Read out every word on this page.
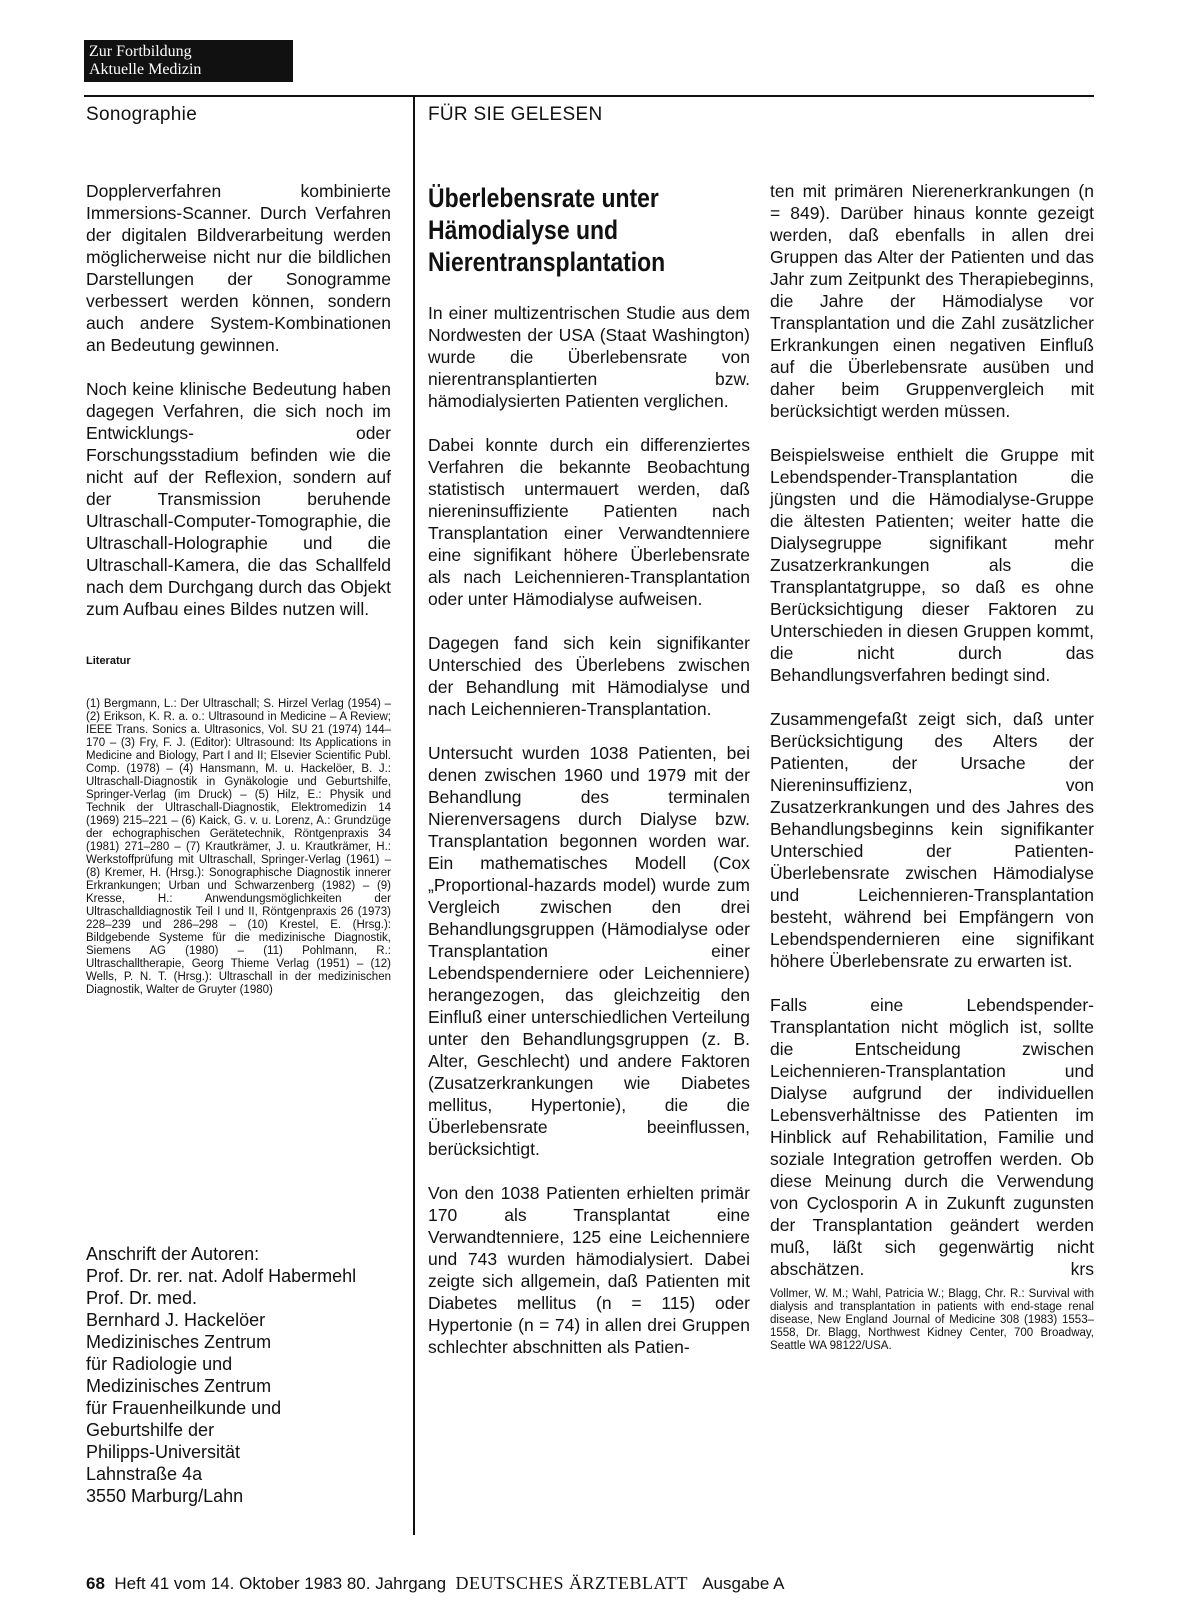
Zur Fortbildung
Aktuelle Medizin
Sonographie	FÜR SIE GELESEN

Dopplerverfahren kombinierte Immersions-Scanner. Durch Verfahren der digitalen Bildverarbeitung werden möglicherweise nicht nur die bildlichen Darstellungen der Sonogramme verbessert werden können, sondern auch andere System-Kombinationen an Bedeutung gewinnen.

Noch keine klinische Bedeutung haben dagegen Verfahren, die sich noch im Entwicklungs- oder Forschungsstadium befinden wie die nicht auf der Reflexion, sondern auf der Transmission beruhende Ultraschall-Computer-Tomographie, die Ultraschall-Holographie und die Ultraschall-Kamera, die das Schallfeld nach dem Durchgang durch das Objekt zum Aufbau eines Bildes nutzen will.

Literatur

(1) Bergmann, L.: Der Ultraschall; S. Hirzel Verlag (1954) – (2) Erikson, K. R. a. o.: Ultrasound in Medicine – A Review; IEEE Trans. Sonics a. Ultrasonics, Vol. SU 21 (1974) 144–170 – (3) Fry, F. J. (Editor): Ultrasound: Its Applications in Medicine and Biology, Part I and II; Elsevier Scientific Publ. Comp. (1978) – (4) Hansmann, M. u. Hackelöer, B. J.: Ultraschall-Diagnostik in Gynäkologie und Geburtshilfe, Springer-Verlag (im Druck) – (5) Hilz, E.: Physik und Technik der Ultraschall-Diagnostik, Elektromedizin 14 (1969) 215–221 – (6) Kaick, G. v. u. Lorenz, A.: Grundzüge der echographischen Gerätetechnik, Röntgenpraxis 34 (1981) 271–280 – (7) Krautkrämer, J. u. Krautkrämer, H.: Werkstoffprüfung mit Ultraschall, Springer-Verlag (1961) – (8) Kremer, H. (Hrsg.): Sonographische Diagnostik innerer Erkrankungen; Urban und Schwarzenberg (1982) – (9) Kresse, H.: Anwendungsmöglichkeiten der Ultraschalldiagnostik Teil I und II, Röntgenpraxis 26 (1973) 228–239 und 286–298 – (10) Krestel, E. (Hrsg.): Bildgebende Systeme für die medizinische Diagnostik, Siemens AG (1980) – (11) Pohlmann, R.: Ultraschalltherapie, Georg Thieme Verlag (1951) – (12) Wells, P. N. T. (Hrsg.): Ultraschall in der medizinischen Diagnostik, Walter de Gruyter (1980)

Anschrift der Autoren:
Prof. Dr. rer. nat. Adolf Habermehl
Prof. Dr. med.
Bernhard J. Hackelöer
Medizinisches Zentrum
für Radiologie und
Medizinisches Zentrum
für Frauenheilkunde und
Geburtshilfe der
Philipps-Universität
Lahnstraße 4a
3550 Marburg/Lahn
Überlebensrate unter
Hämodialyse und
Nierentransplantation

In einer multizentrischen Studie aus dem Nordwesten der USA (Staat Washington) wurde die Überlebensrate von nierentransplantierten bzw. hämodialysierten Patienten verglichen.

Dabei konnte durch ein differenziertes Verfahren die bekannte Beobachtung statistisch untermauert werden, daß niereninsuffiziente Patienten nach Transplantation einer Verwandtenniere eine signifikant höhere Überlebensrate als nach Leichennieren-Transplantation oder unter Hämodialyse aufweisen.

Dagegen fand sich kein signifikanter Unterschied des Überlebens zwischen der Behandlung mit Hämodialyse und nach Leichennieren-Transplantation.

Untersucht wurden 1038 Patienten, bei denen zwischen 1960 und 1979 mit der Behandlung des terminalen Nierenversagens durch Dialyse bzw. Transplantation begonnen worden war. Ein mathematisches Modell (Cox „Proportional-hazards model) wurde zum Vergleich zwischen den drei Behandlungsgruppen (Hämodialyse oder Transplantation einer Lebendspenderniere oder Leichenniere) herangezogen, das gleichzeitig den Einfluß einer unterschiedlichen Verteilung unter den Behandlungsgruppen (z. B. Alter, Geschlecht) und andere Faktoren (Zusatzerkrankungen wie Diabetes mellitus, Hypertonie), die die Überlebensrate beeinflussen, berücksichtigt.

Von den 1038 Patienten erhielten primär 170 als Transplantat eine Verwandtenniere, 125 eine Leichenniere und 743 wurden hämodialysiert. Dabei zeigte sich allgemein, daß Patienten mit Diabetes mellitus (n = 115) oder Hypertonie (n = 74) in allen drei Gruppen schlechter abschnitten als Patien-

ten mit primären Nierenerkrankungen (n = 849). Darüber hinaus konnte gezeigt werden, daß ebenfalls in allen drei Gruppen das Alter der Patienten und das Jahr zum Zeitpunkt des Therapiebeginns, die Jahre der Hämodialyse vor Transplantation und die Zahl zusätzlicher Erkrankungen einen negativen Einfluß auf die Überlebensrate ausüben und daher beim Gruppenvergleich mit berücksichtigt werden müssen.

Beispielsweise enthielt die Gruppe mit Lebendspender-Transplantation die jüngsten und die Hämodialyse-Gruppe die ältesten Patienten; weiter hatte die Dialysegruppe signifikant mehr Zusatzerkrankungen als die Transplantatgruppe, so daß es ohne Berücksichtigung dieser Faktoren zu Unterschieden in diesen Gruppen kommt, die nicht durch das Behandlungsverfahren bedingt sind.

Zusammengefaßt zeigt sich, daß unter Berücksichtigung des Alters der Patienten, der Ursache der Niereninsuffizienz, von Zusatzerkrankungen und des Jahres des Behandlungsbeginns kein signifikanter Unterschied der Patienten-Überlebensrate zwischen Hämodialyse und Leichennieren-Transplantation besteht, während bei Empfängern von Lebendspendernieren eine signifikant höhere Überlebensrate zu erwarten ist.

Falls eine Lebendspender-Transplantation nicht möglich ist, sollte die Entscheidung zwischen Leichennieren-Transplantation und Dialyse aufgrund der individuellen Lebensverhältnisse des Patienten im Hinblick auf Rehabilitation, Familie und soziale Integration getroffen werden. Ob diese Meinung durch die Verwendung von Cyclosporin A in Zukunft zugunsten der Transplantation geändert werden muß, läßt sich gegenwärtig nicht abschätzen.	krs

Vollmer, W. M.; Wahl, Patricia W.; Blagg, Chr. R.: Survival with dialysis and transplantation in patients with end-stage renal disease, New England Journal of Medicine 308 (1983) 1553–1558, Dr. Blagg, Northwest Kidney Center, 700 Broadway, Seattle WA 98122/USA.

68 Heft 41 vom 14. Oktober 1983 80. Jahrgang DEUTSCHES ÄRZTEBLATT Ausgabe A
